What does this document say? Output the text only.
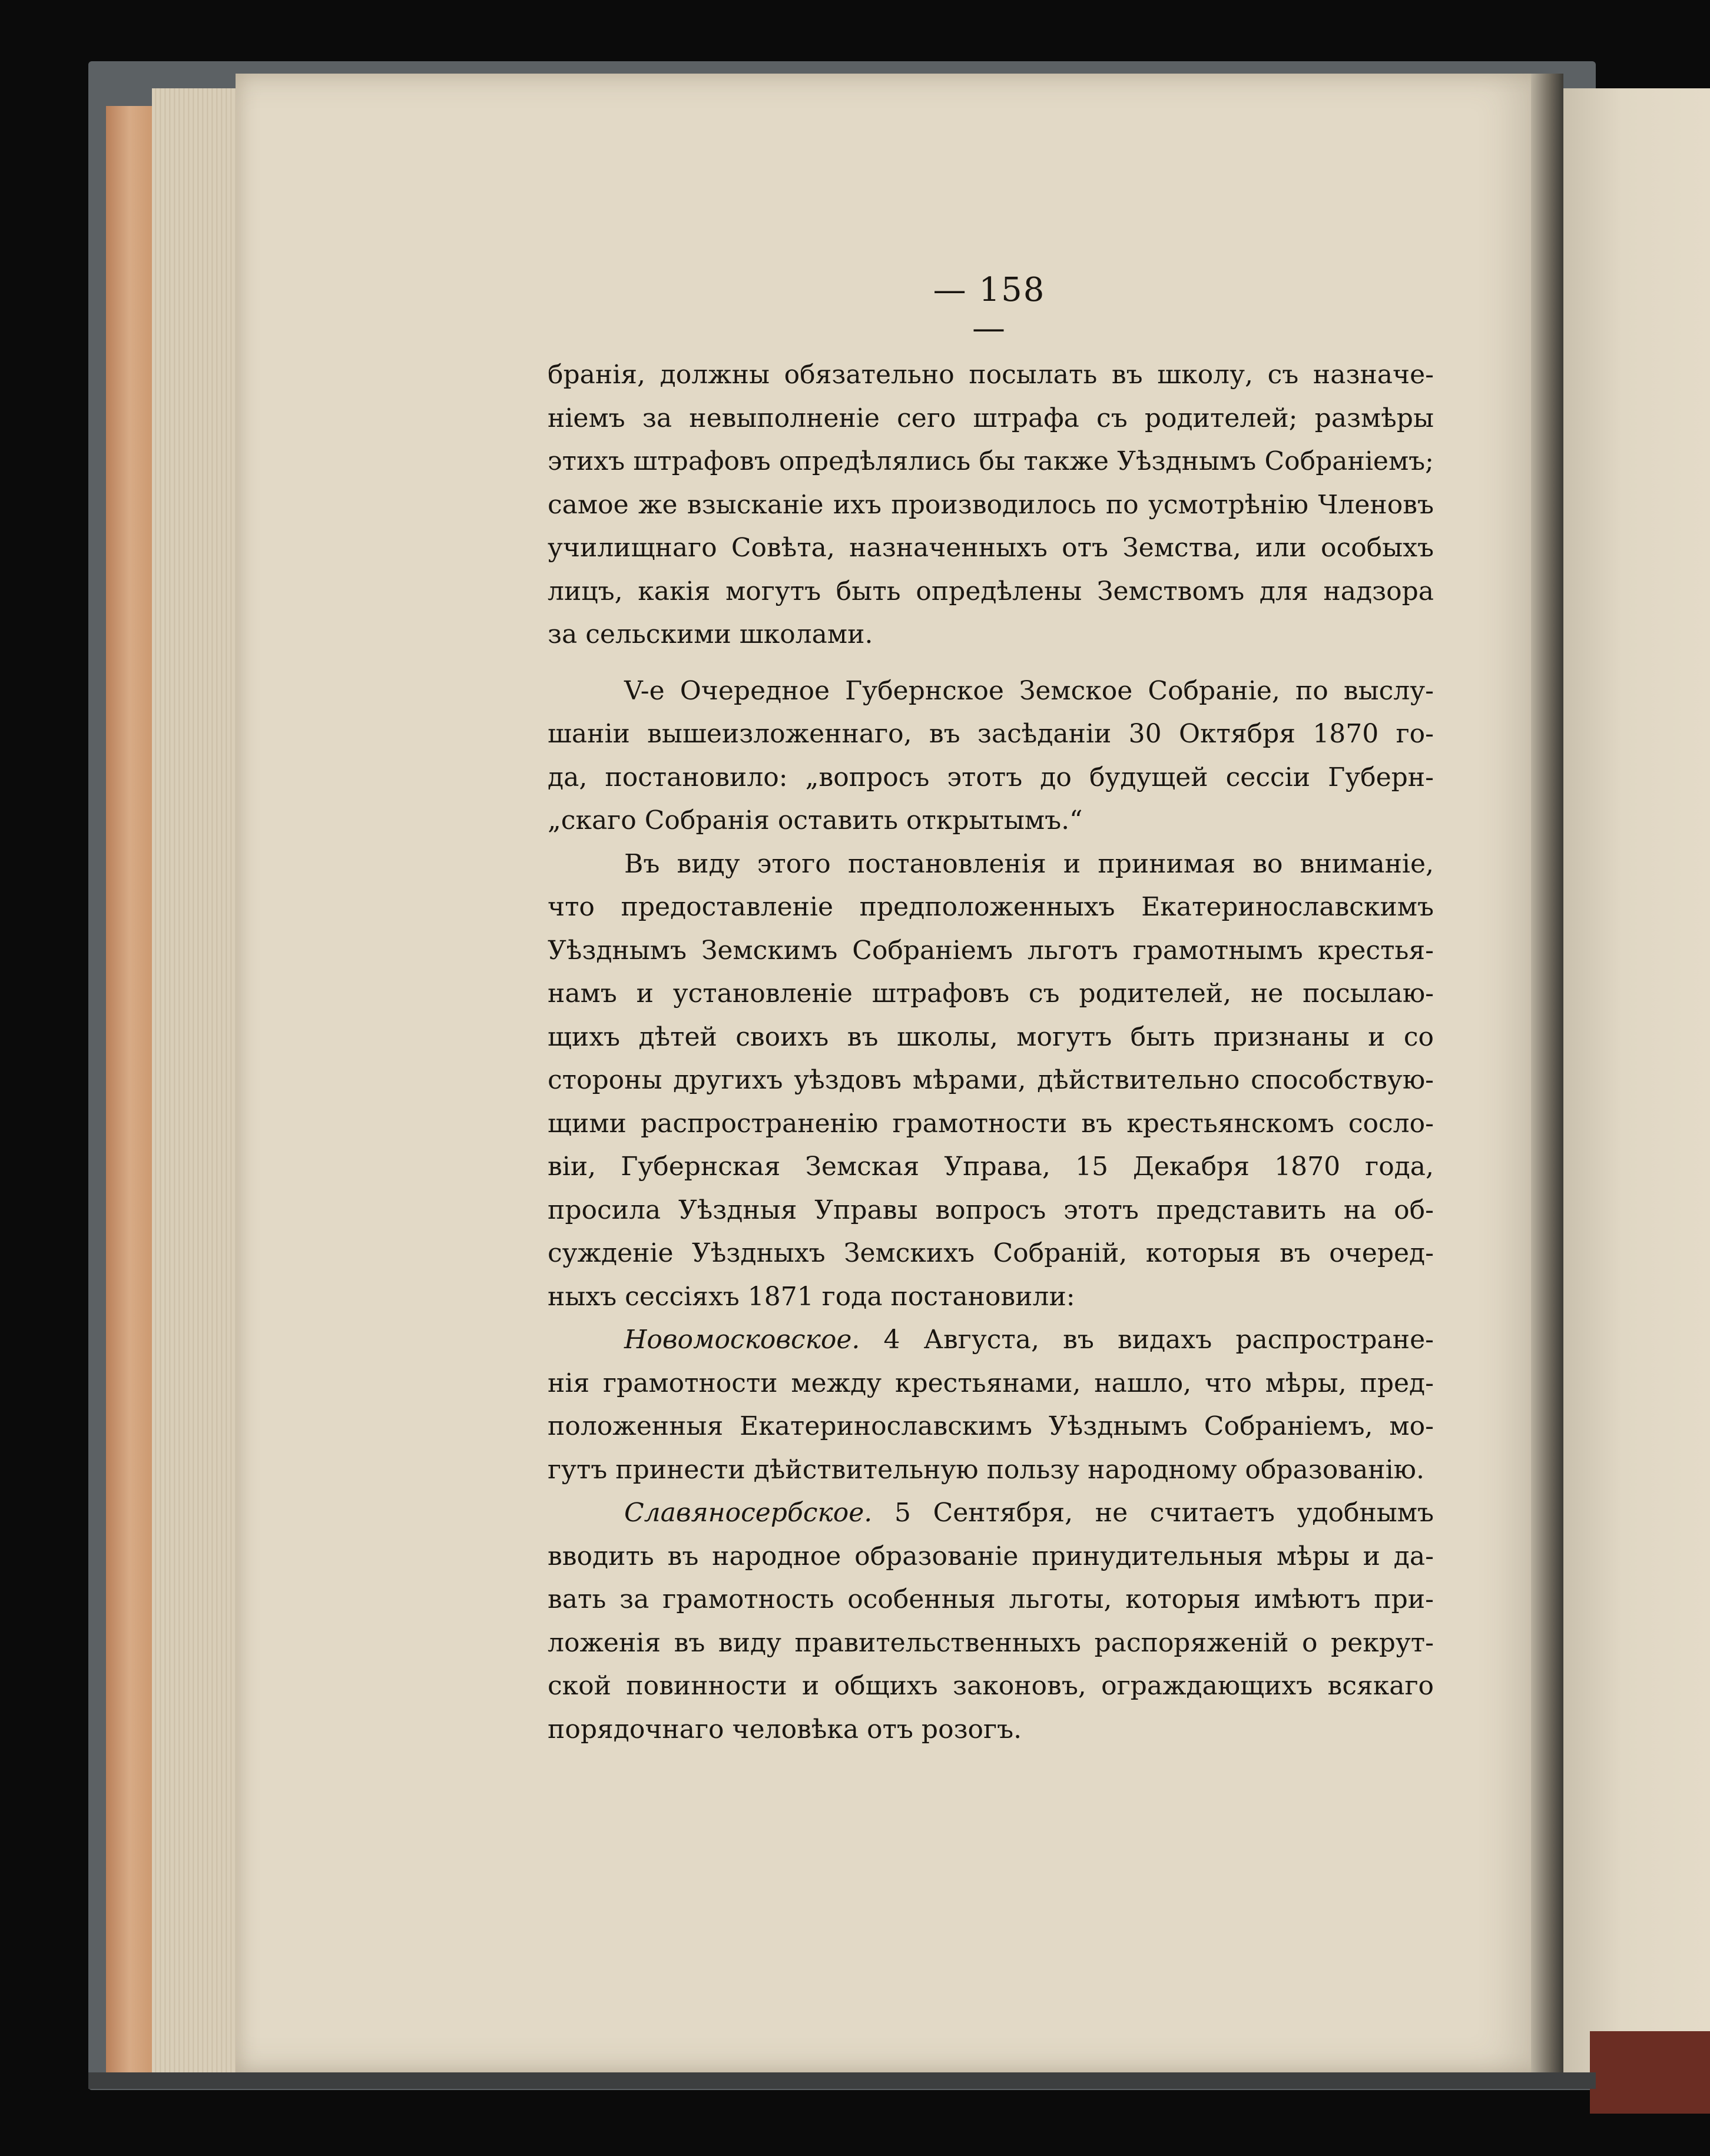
— 158 —
бранія, должны обязательно посылать въ школу, съ назначе-
ніемъ за невыполненіе сего штрафа съ родителей; размѣры
этихъ штрафовъ опредѣлялись бы также Уѣзднымъ Собраніемъ;
самое же взысканіе ихъ производилось по усмотрѣнію Членовъ
училищнаго Совѣта, назначенныхъ отъ Земства, или особыхъ
лицъ, какія могутъ быть опредѣлены Земствомъ для надзора
за сельскими школами.
V-е Очередное Губернское Земское Собраніе, по выслу-
шаніи вышеизложеннаго, въ засѣданіи 30 Октября 1870 го-
да, постановило: „вопросъ этотъ до будущей сессіи Губерн-
„скаго Собранія оставить открытымъ.“
Въ виду этого постановленія и принимая во вниманіе,
что предоставленіе предположенныхъ Екатеринославскимъ
Уѣзднымъ Земскимъ Собраніемъ льготъ грамотнымъ крестья-
намъ и установленіе штрафовъ съ родителей, не посылаю-
щихъ дѣтей своихъ въ школы, могутъ быть признаны и со
стороны другихъ уѣздовъ мѣрами, дѣйствительно способствую-
щими распространенію грамотности въ крестьянскомъ сосло-
віи, Губернская Земская Управа, 15 Декабря 1870 года,
просила Уѣздныя Управы вопросъ этотъ представить на об-
сужденіе Уѣздныхъ Земскихъ Собраній, которыя въ очеред-
ныхъ сессіяхъ 1871 года постановили:
Новомосковское. 4 Августа, въ видахъ распростране-
нія грамотности между крестьянами, нашло, что мѣры, пред-
положенныя Екатеринославскимъ Уѣзднымъ Собраніемъ, мо-
гутъ принести дѣйствительную пользу народному образованію.
Славяносербское. 5 Сентября, не считаетъ удобнымъ
вводить въ народное образованіе принудительныя мѣры и да-
вать за грамотность особенныя льготы, которыя имѣютъ при-
ложенія въ виду правительственныхъ распоряженій о рекрут-
ской повинности и общихъ законовъ, ограждающихъ всякаго
порядочнаго человѣка отъ розогъ.
